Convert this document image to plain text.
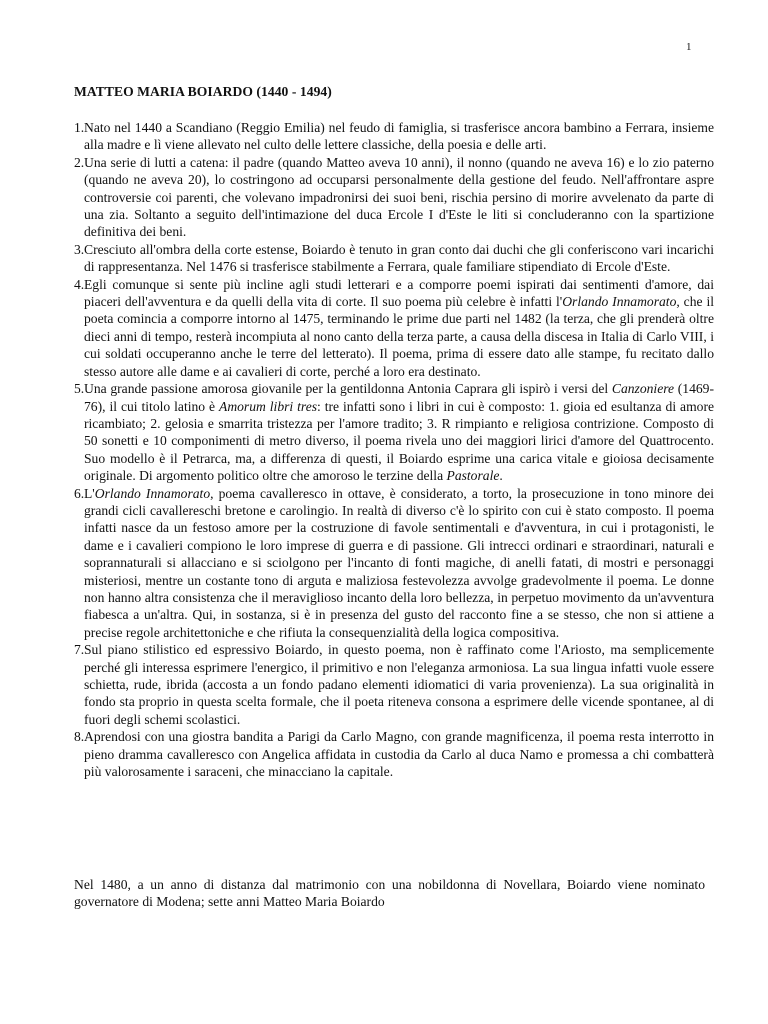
1
MATTEO MARIA BOIARDO (1440 - 1494)
1. Nato nel 1440 a Scandiano (Reggio Emilia) nel feudo di famiglia, si trasferisce ancora bambino a Ferrara, insieme alla madre e lì viene allevato nel culto delle lettere classiche, della poesia e delle arti.

2. Una serie di lutti a catena: il padre (quando Matteo aveva 10 anni), il nonno (quando ne aveva 16) e lo zio paterno (quando ne aveva 20), lo costringono ad occuparsi personalmente della gestione del feudo. Nell'affrontare aspre controversie coi parenti, che volevano impadronirsi dei suoi beni, rischia persino di morire avvelenato da parte di una zia. Soltanto a seguito dell'intimazione del duca Ercole I d'Este le liti si concluderanno con la spartizione definitiva dei beni.

3. Cresciuto all'ombra della corte estense, Boiardo è tenuto in gran conto dai duchi che gli conferiscono vari incarichi di rappresentanza. Nel 1476 si trasferisce stabilmente a Ferrara, quale familiare stipendiato di Ercole d'Este.

4. Egli comunque si sente più incline agli studi letterari e a comporre poemi ispirati dai sentimenti d'amore, dai piaceri dell'avventura e da quelli della vita di corte. Il suo poema più celebre è infatti l'Orlando Innamorato, che il poeta comincia a comporre intorno al 1475, terminando le prime due parti nel 1482 (la terza, che gli prenderà oltre dieci anni di tempo, resterà incompiuta al nono canto della terza parte, a causa della discesa in Italia di Carlo VIII, i cui soldati occuperanno anche le terre del letterato). Il poema, prima di essere dato alle stampe, fu recitato dallo stesso autore alle dame e ai cavalieri di corte, perché a loro era destinato.

5. Una grande passione amorosa giovanile per la gentildonna Antonia Caprara gli ispirò i versi del Canzoniere (1469-76), il cui titolo latino è Amorum libri tres: tre infatti sono i libri in cui è composto: 1. gioia ed esultanza di amore ricambiato; 2. gelosia e smarrita tristezza per l'amore tradito; 3. R rimpianto e religiosa contrizione. Composto di 50 sonetti e 10 componimenti di metro diverso, il poema rivela uno dei maggiori lirici d'amore del Quattrocento. Suo modello è il Petrarca, ma, a differenza di questi, il Boiardo esprime una carica vitale e gioiosa decisamente originale. Di argomento politico oltre che amoroso le terzine della Pastorale.

6. L'Orlando Innamorato, poema cavalleresco in ottave, è considerato, a torto, la prosecuzione in tono minore dei grandi cicli cavallereschi bretone e carolingio. In realtà di diverso c'è lo spirito con cui è stato composto. Il poema infatti nasce da un festoso amore per la costruzione di favole sentimentali e d'avventura, in cui i protagonisti, le dame e i cavalieri compiono le loro imprese di guerra e di passione. Gli intrecci ordinari e straordinari, naturali e soprannaturali si allacciano e si sciolgono per l'incanto di fonti magiche, di anelli fatati, di mostri e personaggi misteriosi, mentre un costante tono di arguta e maliziosa festevolezza avvolge gradevolmente il poema. Le donne non hanno altra consistenza che il meraviglioso incanto della loro bellezza, in perpetuo movimento da un'avventura fiabesca a un'altra. Qui, in sostanza, si è in presenza del gusto del racconto fine a se stesso, che non si attiene a precise regole architettoniche e che rifiuta la consequenzialità della logica compositiva.

7. Sul piano stilistico ed espressivo Boiardo, in questo poema, non è raffinato come l'Ariosto, ma semplicemente perché gli interessa esprimere l'energico, il primitivo e non l'eleganza armoniosa. La sua lingua infatti vuole essere schietta, rude, ibrida (accosta a un fondo padano elementi idiomatici di varia provenienza). La sua originalità in fondo sta proprio in questa scelta formale, che il poeta riteneva consona a esprimere delle vicende spontanee, al di fuori degli schemi scolastici.

8. Aprendosi con una giostra bandita a Parigi da Carlo Magno, con grande magnificenza, il poema resta interrotto in pieno dramma cavalleresco con Angelica affidata in custodia da Carlo al duca Namo e promessa a chi combatterà più valorosamente i saraceni, che minacciano la capitale.

Nel 1480, a un anno di distanza dal matrimonio con una nobildonna di Novellara, Boiardo viene nominato governatore di Modena; sette anni Matteo Maria Boiardo
